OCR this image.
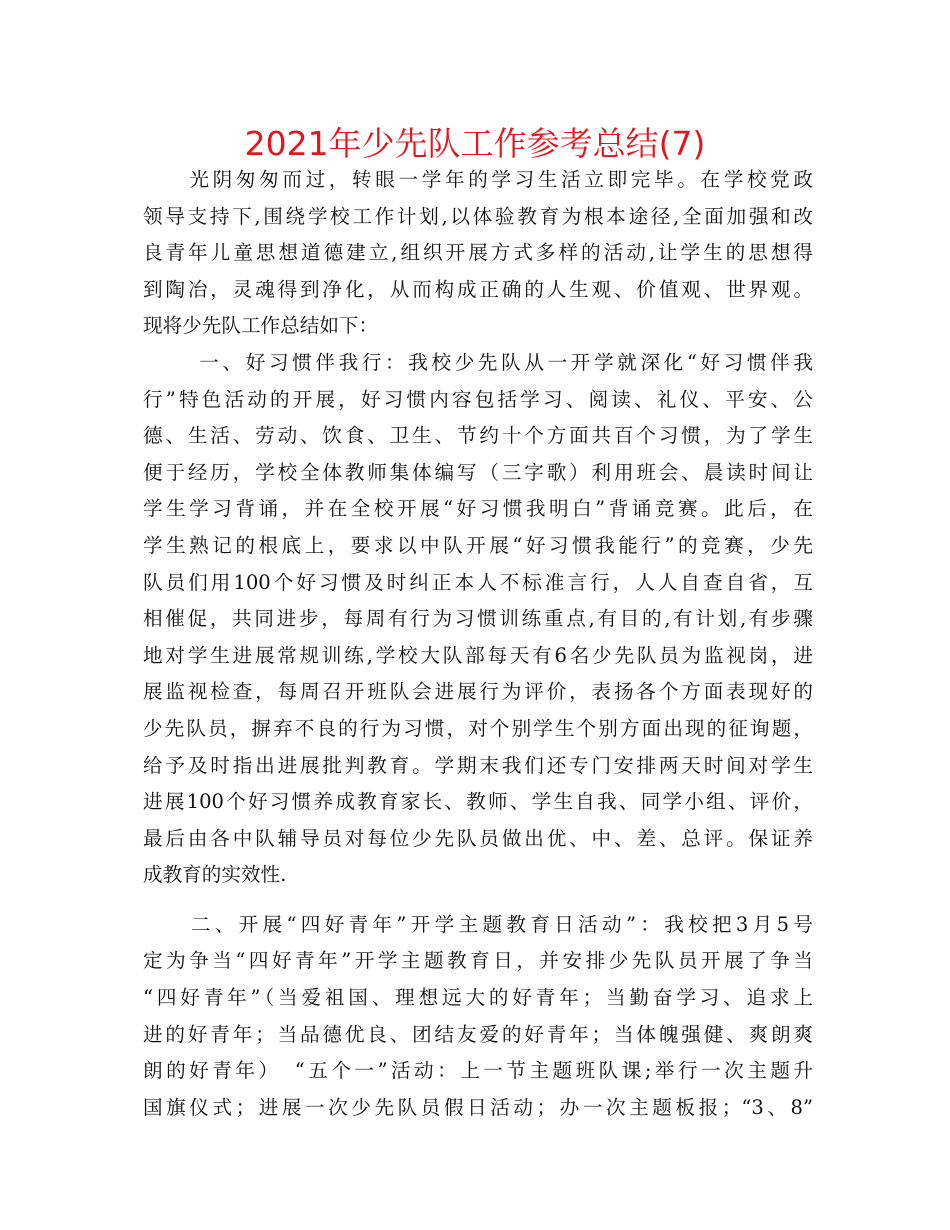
2021年少先队工作参考总结(7)
　　光阴匆匆而过，转眼一学年的学习生活立即完毕。在学校党政
领导支持下,围绕学校工作计划,以体验教育为根本途径,全面加强和改
良青年儿童思想道德建立,组织开展方式多样的活动,让学生的思想得
到陶冶，灵魂得到净化，从而构成正确的人生观、价值观、世界观。
现将少先队工作总结如下：
　　 一、好习惯伴我行：我校少先队从一开学就深化“好习惯伴我
行”特色活动的开展，好习惯内容包括学习、阅读、礼仪、平安、公
德、生活、劳动、饮食、卫生、节约十个方面共百个习惯，为了学生
便于经历，学校全体教师集体编写（三字歌）利用班会、晨读时间让
学生学习背诵，并在全校开展“好习惯我明白”背诵竞赛。此后，在
学生熟记的根底上，要求以中队开展“好习惯我能行”的竞赛，少先
队员们用100个好习惯及时纠正本人不标准言行，人人自查自省，互
相催促，共同进步，每周有行为习惯训练重点,有目的,有计划,有步骤
地对学生进展常规训练,学校大队部每天有6名少先队员为监视岗，进
展监视检查，每周召开班队会进展行为评价，表扬各个方面表现好的
少先队员，摒弃不良的行为习惯，对个别学生个别方面出现的征询题，
给予及时指出进展批判教育。学期末我们还专门安排两天时间对学生
进展100个好习惯养成教育家长、教师、学生自我、同学小组、评价，
最后由各中队辅导员对每位少先队员做出优、中、差、总评。保证养
成教育的实效性.
　　二、开展“四好青年”开学主题教育日活动”：我校把3月5号
定为争当“四好青年”开学主题教育日，并安排少先队员开展了争当
“四好青年”（当爱祖国、理想远大的好青年；当勤奋学习、追求上
进的好青年；当品德优良、团结友爱的好青年；当体魄强健、爽朗爽
朗的好青年）　“五个一”活动：上一节主题班队课;举行一次主题升
国旗仪式；进展一次少先队员假日活动；办一次主题板报；“3、8”
